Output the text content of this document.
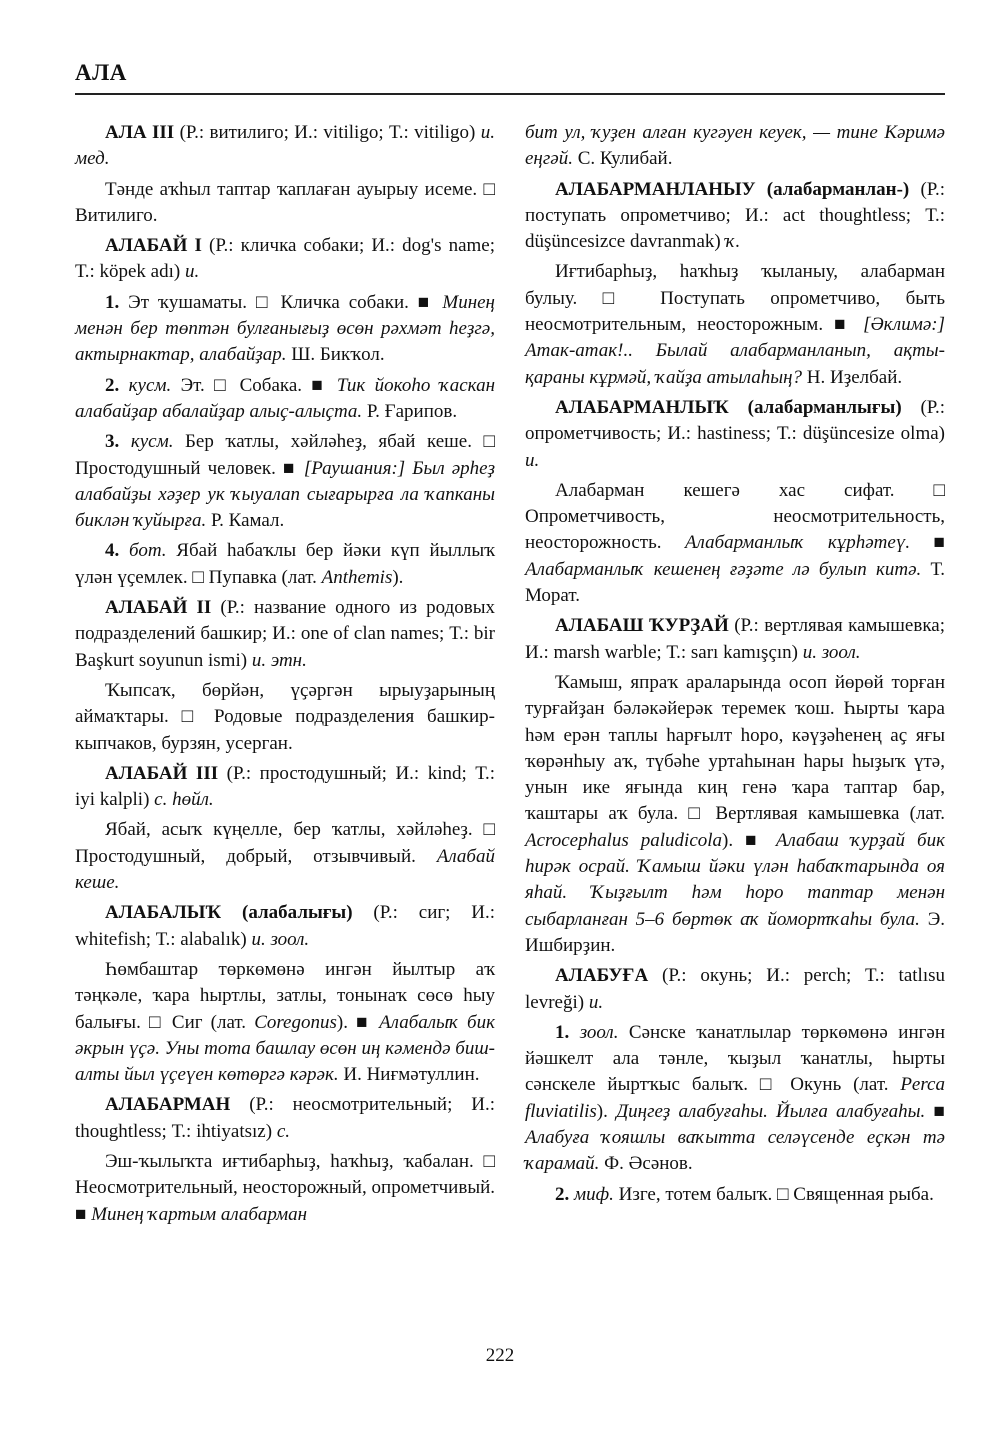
АЛА

АЛА III (Р.: витилиго; И.: vitiligo; Т.: vitiligo) и. мед.

Тәнде аҡһыл таптар ҡаплаған ауырыу исеме. □ Витилиго.

АЛАБАЙ I (Р.: кличка собаки; И.: dog's name; Т.: köpek adı) и.

1. Эт ҡушаматы. □ Кличка собаки. ■ Минең менән бер төптән булғанығыҙ өсөн рәхмәт һеҙгә, актырнактар, алабайҙар. Ш. Бикҡол.

2. кусм. Эт. □ Собака. ■ Тик йокоһо ҡаскан алабайҙар абалайҙар алыҫ-алыҫта. Р. Ғарипов.

3. кусм. Бер ҡатлы, хәйләһеҙ, ябай кеше. □ Простодушный человек. ■ [Раушания:] Был әрһеҙ алабайҙы хәҙер ук ҡыуалап сығарырға ла ҡапканы биклән ҡуйырға. Р. Камал.

4. бот. Ябай һабаҡлы бер йәки күп йыллыҡ үлән үҫемлек. □ Пупавка (лат. Anthemis).

АЛАБАЙ II (Р.: название одного из родовых подразделений башкир; И.: one of clan names; Т.: bir Başkurt soyunun ismi) и. этн.

Ҡыпсаҡ, бөрйән, үҫәргән ырыуҙарының аймаҡтары. □ Родовые подразделения башкир-кыпчаков, бурзян, усерган.

АЛАБАЙ III (Р.: простодушный; И.: kind; Т.: iyi kalpli) с. һөйл.

Ябай, асыҡ күңелле, бер ҡатлы, хәйләһеҙ. □ Простодушный, добрый, отзывчивый. Алабай кеше.

АЛАБАЛЫҠ (алабалығы) (Р.: сиг; И.: whitefish; Т.: alabalık) и. зоол.

Һөмбаштар төркөмөнә ингән йылтыр аҡ тәңкәле, ҡара һыртлы, затлы, тонынаҡ сөсө һыу балығы. □ Сиг (лат. Coregonus). ■ Алабалыҡ бик әкрын үҫә. Уны тота башлау өсөн иң кәмендә биш-алты йыл үҫеүен көтөргә кәрәк. И. Ниғмәтуллин.

АЛАБАРМАН (Р.: неосмотрительный; И.: thoughtless; Т.: ihtiyatsız) с.

Эш-ҡылыҡта иғтибарһыҙ, һаҡһыҙ, ҡабалан. □ Неосмотрительный, неосторожный, опрометчивый. ■ Минең ҡартым алабарман

бит ул, ҡуҙен алған кугәуен кеуек, — тине Кәримә еңгәй. С. Кулибай.

АЛАБАРМАНЛАНЫУ (алабарманлан-) (Р.: поступать опрометчиво; И.: act thoughtless; Т.: düşüncesizce davranmak) ҡ.

Иғтибарһыҙ, һаҡһыҙ ҡыланыу, алабарман булыу. □ Поступать опрометчиво, быть неосмотрительным, неосторожным. ■ [Әклимә:] Атак-атак!.. Былай алабарманланып, ақты-қараны кұрмәй, ҡайҙа атылаһың? Н. Иҙелбай.

АЛАБАРМАНЛЫҠ (алабарманлығы) (Р.: опрометчивость; И.: hastiness; Т.: düşüncesize olma) и.

Алабарман кешегә хас сифат. □ Опрометчивость, неосмотрительность, неосторожность. Алабарманлыҡ кұрһәтеү. ■ Алабарманлыҡ кешенең ғәҙәте лә булып китә. Т. Морат.

АЛАБАШ ҠУРҘАЙ (Р.: вертлявая камышевка; И.: marsh warble; Т.: sarı kamışçın) и. зоол.

Ҡамыш, япраҡ араларында осоп йөрөй торған турғайҙан бәләкәйерәк теремек ҡош. Һырты ҡара һәм ерән таплы һарғылт һоро, кәүҙәһенең аҫ яғы ҡөрәнһыу аҡ, түбәһе уртаһынан һары һыҙыҡ үтә, унын ике яғында киң генә ҡара таптар бар, ҡаштары аҡ була. □ Вертлявая камышевка (лат. Acrocephalus paludicola). ■ Алабаш ҡурҙай бик һирәк осрай. Ҡамыш йәки үлән һабаҡтарында оя яһай. Ҡыҙғылт һәм һоро таптар менән сыбарланған 5–6 бөртөк аҡ йомортҡаһы була. Э. Ишбирҙин.

АЛАБУҒА (Р.: окунь; И.: perch; Т.: tatlısu levreği) и.

1. зоол. Сәнске ҡанатлылар төркөмөнә ингән йәшкелт ала тәнле, ҡыҙыл ҡанатлы, һырты сәнскеле йыртҡыс балыҡ. □ Окунь (лат. Perca fluviatilis). Диңгеҙ алабуғаһы. Йылға алабуғаһы. ■ Алабуға ҡояшлы ваҡытта селәүсенде еҫкән тә ҡарамай. Ф. Әсәнов.

2. миф. Изге, тотем балыҡ. □ Священная рыба.

222
